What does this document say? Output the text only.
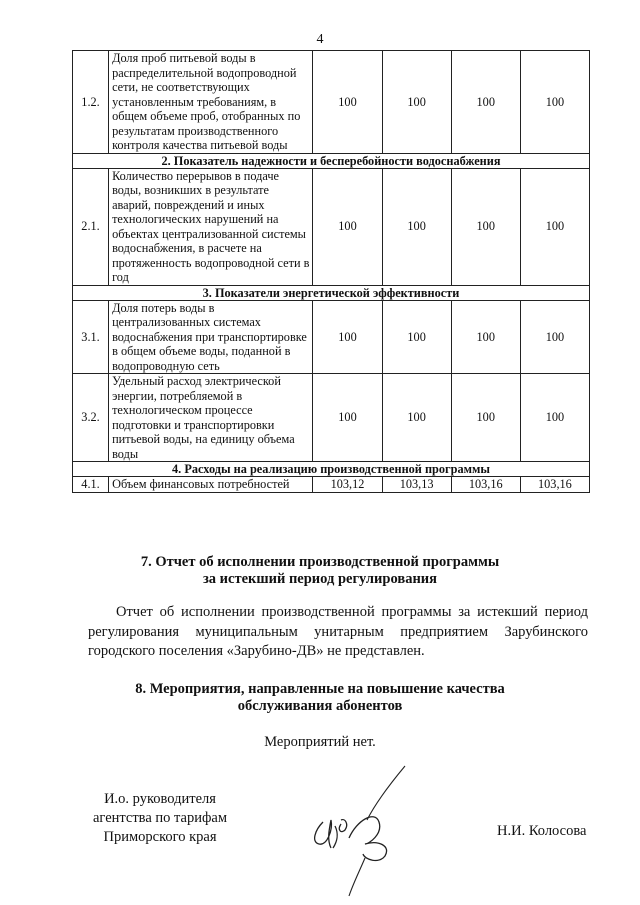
4
1.2.	Доля проб питьевой воды в распределительной водопроводной сети, не соответствующих установленным требованиям, в общем объеме проб, отобранных по результатам производственного контроля качества питьевой воды	100	100	100	100
2. Показатель надежности и бесперебойности водоснабжения					
2.1.	Количество перерывов в подаче воды, возникших в результате аварий, повреждений и иных технологических нарушений на объектах централизованной системы водоснабжения, в расчете на протяженность водопроводной сети в год	100	100	100	100
3. Показатели энергетической эффективности					
3.1.	Доля потерь воды в централизованных системах водоснабжения при транспортировке в общем объеме воды, поданной в водопроводную сеть	100	100	100	100
3.2.	Удельный расход электрической энергии, потребляемой в технологическом процессе подготовки и транспортировки питьевой воды, на единицу объема воды	100	100	100	100
4. Расходы на реализацию производственной программы					
4.1.	Объем финансовых потребностей	103,12	103,13	103,16	103,16
7. Отчет об исполнении производственной программы
за истекший период регулирования
Отчет об исполнении производственной программы за истекший период регулирования муниципальным унитарным предприятием Зарубинского городского поселения «Зарубино-ДВ» не представлен.
8. Мероприятия, направленные на повышение качества
обслуживания абонентов
Мероприятий нет.
И.о. руководителя
агентства по тарифам
Приморского края	Н.И. Колосова
